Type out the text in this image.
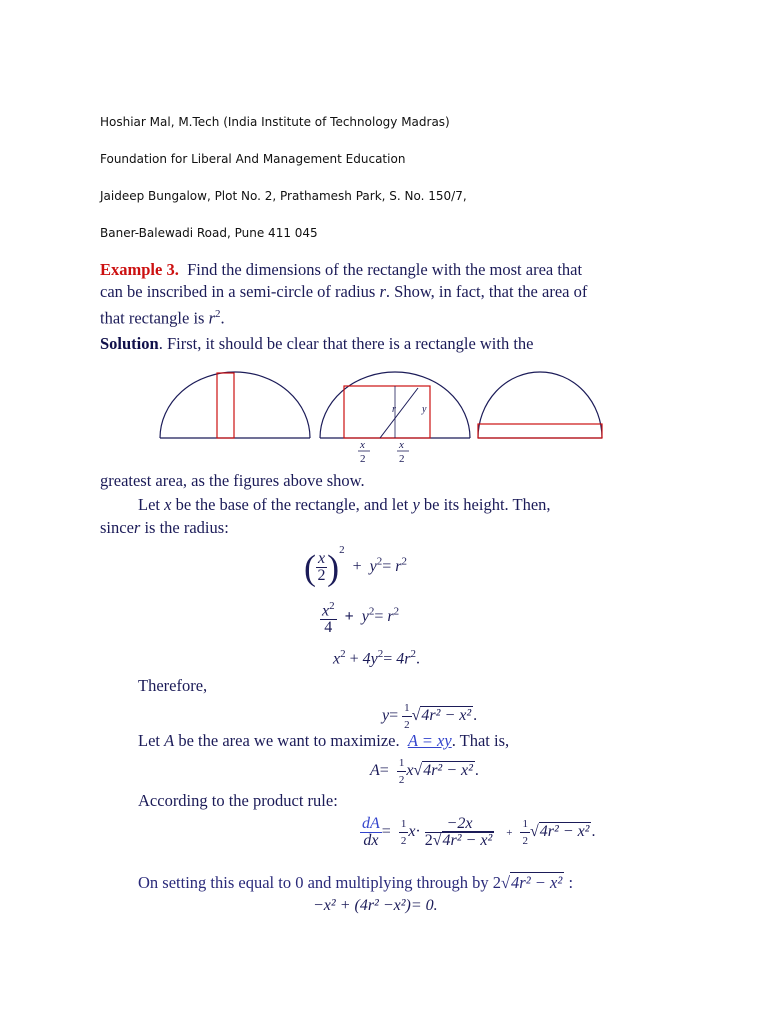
Hoshiar Mal, M.Tech (India Institute of Technology Madras)
Foundation for Liberal And Management Education
Jaideep Bungalow, Plot No. 2, Prathamesh Park, S. No. 150/7,
Baner-Balewadi Road, Pune 411 045
Example 3. Find the dimensions of the rectangle with the most area that
can be inscribed in a semi-circle of radius r. Show, in fact, that the area of
that rectangle is $r^2$.
Solution. First, it should be clear that there is a rectangle with the
r	y
x
2
x
2
greatest area, as the figures above show.
Let x be the base of the rectangle, and let y be its height. Then,
sincer is the radius:
( $\frac{x}{2} )^2 + y^2= r^2$
$\frac{x^2}{4} + y^2= r^2$
$x^2 + 4y^2= 4r^2$.
Therefore,
$y= \frac{1}{2} √4r^2 - x^2$ .
Let A be the area we want to maximize. A = xy. That is,
$A= \frac{1}{2} x√4r^2 - x^2$ .
According to the product rule:
$\frac{dA}{dx} = \frac{1}{2} x\cdot \frac{-2x}{\text{2√4r² − x²}} + \frac{1}{2} √4r^2 - x^2$ .
On setting this equal to 0 and multiplying through by 2√4r² − x² :
−x² + (4r² −x²)= 0.
